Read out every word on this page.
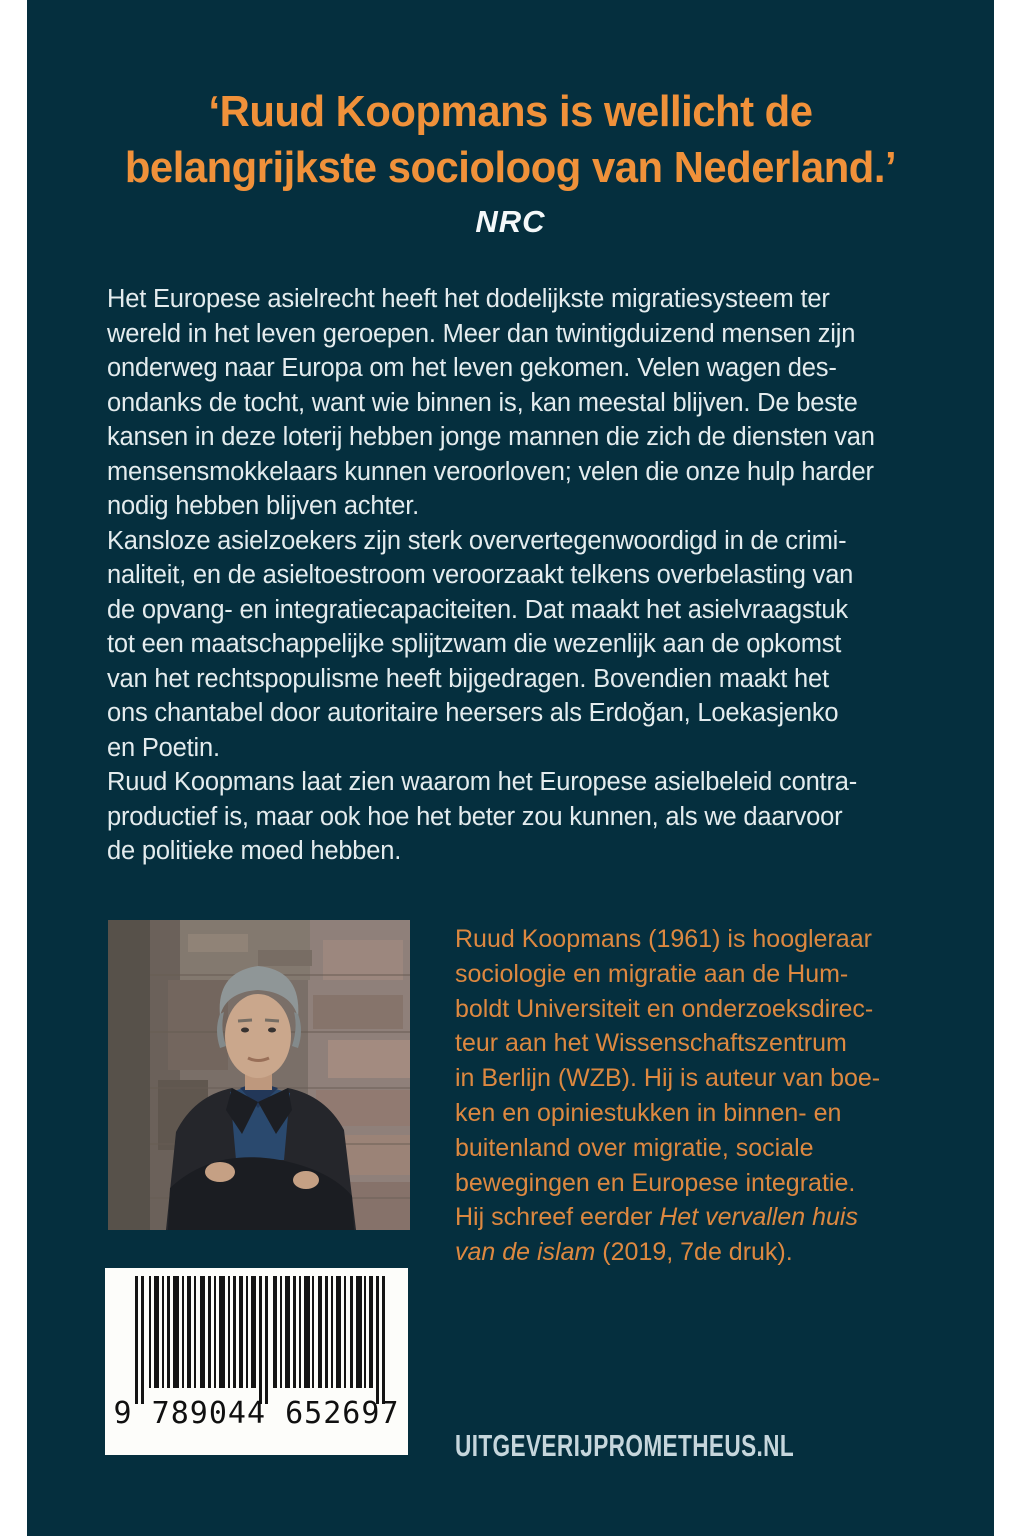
‘Ruud Koopmans is wellicht de
belangrijkste socioloog van Nederland.’
NRC
Het Europese asielrecht heeft het dodelijkste migratiesysteem ter
wereld in het leven geroepen. Meer dan twintigduizend mensen zijn
onderweg naar Europa om het leven gekomen. Velen wagen des-
ondanks de tocht, want wie binnen is, kan meestal blijven. De beste
kansen in deze loterij hebben jonge mannen die zich de diensten van
mensensmokkelaars kunnen veroorloven; velen die onze hulp harder
nodig hebben blijven achter.
Kansloze asielzoekers zijn sterk oververtegenwoordigd in de crimi-
naliteit, en de asieltoestroom veroorzaakt telkens overbelasting van
de opvang- en integratiecapaciteiten. Dat maakt het asielvraagstuk
tot een maatschappelijke splijtzwam die wezenlijk aan de opkomst
van het rechtspopulisme heeft bijgedragen. Bovendien maakt het
ons chantabel door autoritaire heersers als Erdoğan, Loekasjenko
en Poetin.
Ruud Koopmans laat zien waarom het Europese asielbeleid contra-
productief is, maar ook hoe het beter zou kunnen, als we daarvoor
de politieke moed hebben.
Ruud Koopmans (1961) is hoogleraar
sociologie en migratie aan de Hum-
boldt Universiteit en onderzoeksdirec-
teur aan het Wissenschaftszentrum
in Berlijn (WZB). Hij is auteur van boe-
ken en opiniestukken in binnen- en
buitenland over migratie, sociale
bewegingen en Europese integratie.
Hij schreef eerder Het vervallen huis
van de islam (2019, 7de druk).
9 789044 652697
UITGEVERIJPROMETHEUS.NL
